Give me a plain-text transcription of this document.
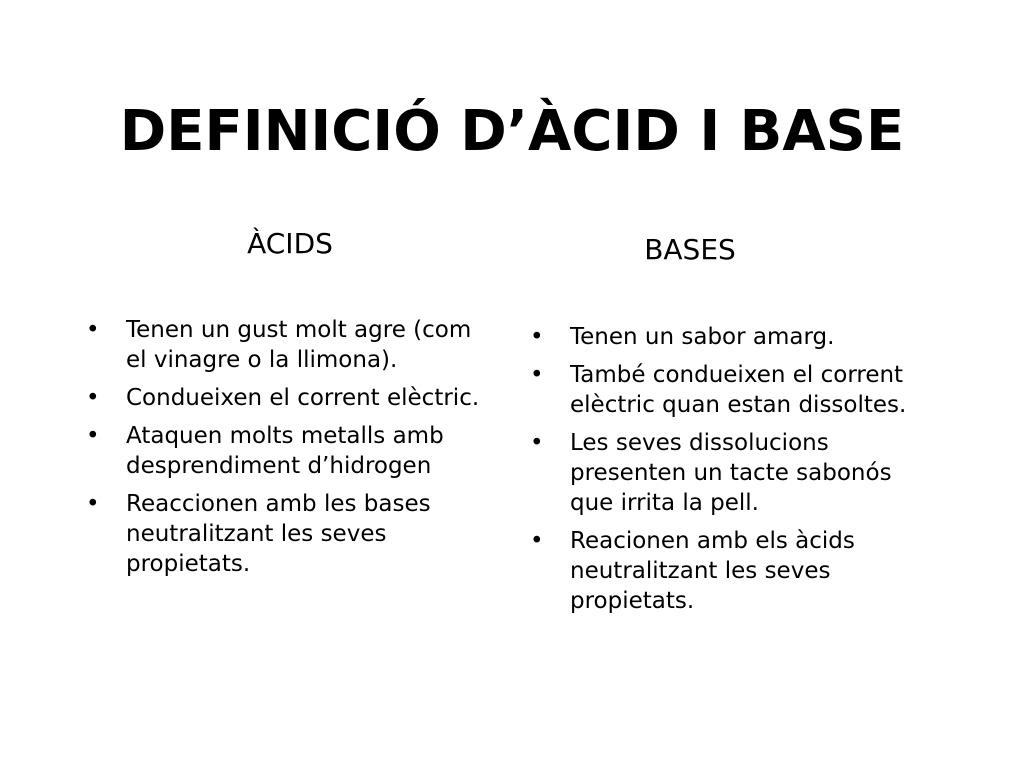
DEFINICIÓ D’ÀCID I BASE
ÀCIDS	BASES
• Tenen un gust molt agre (com el vinagre o la llimona).
• Condueixen el corrent elèctric.
• Ataquen molts metalls amb desprendiment d’hidrogen
• Reaccionen amb les bases neutralitzant les seves propietats.
• Tenen un sabor amarg.
• També condueixen el corrent elèctric quan estan dissoltes.
• Les seves dissolucions presenten un tacte sabonós que irrita la pell.
• Reacionen amb els àcids neutralitzant les seves propietats.
